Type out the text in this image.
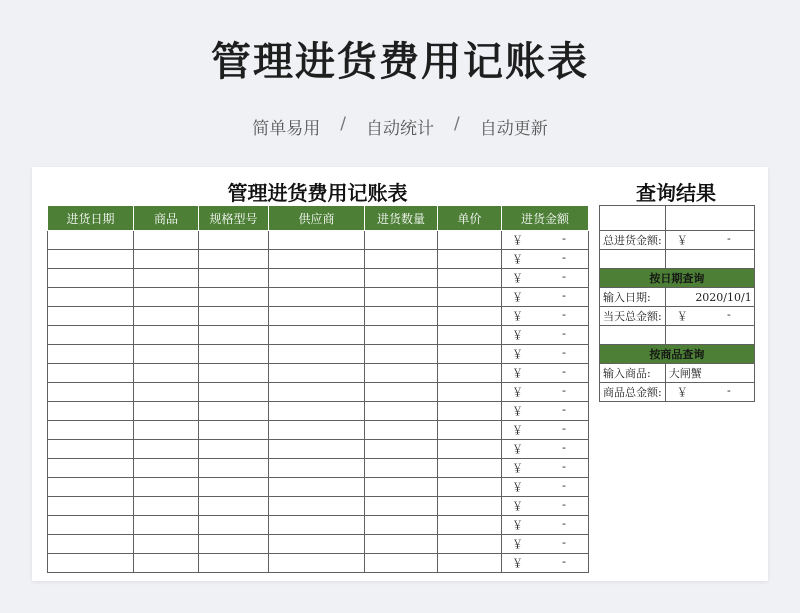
管理进货费用记账表
简单易用 / 自动统计 / 自动更新
管理进货费用记账表	查询结果
进货日期	商品	规格型号	供应商	进货数量	单价	进货金额

						￥ -

						￥ -

						￥ -

						￥ -

						￥ -

						￥ -

						￥ -

						￥ -

						￥ -

						￥ -

						￥ -

						￥ -

						￥ -

						￥ -

						￥ -

						￥ -

						￥ -

						￥ -

总进货金额:	￥ -

按日期查询	
输入日期:	2020/10/1
当天总金额:	￥ -

按商品查询	
输入商品:	大闸蟹
商品总金额:	￥ -
